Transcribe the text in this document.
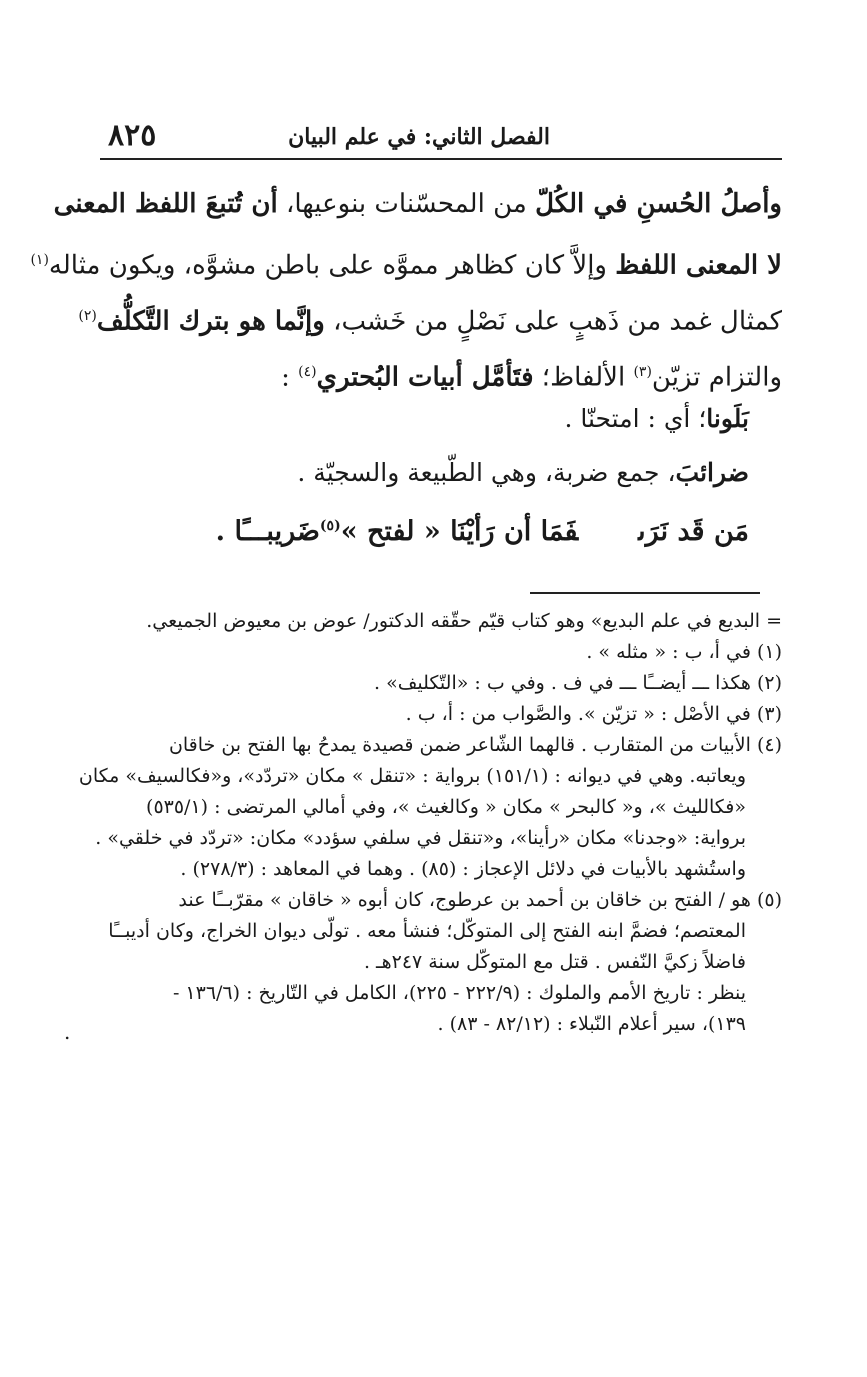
الفصل الثاني: في علم البيان
٨٢٥
وأصلُ الحُسنِ في الكُلّ من المحسّنات بنوعيها، أن تُتبعَ اللفظ المعنى
لا المعنى اللفظ وإلاَّ كان كظاهر مموَّه على باطن مشوَّه، ويكون مثاله$^{(١)}$
كمثال غمد من ذَهبٍ على نَصْلٍ من خَشب، وإنَّما هو بترك التَّكلُّف$^{(٢)}$
والتزام تزيّن$^{(٣)}$ الألفاظ؛ فتَأمَّل أبيات البُحتري$^{(٤)}$ :
بَلَونا؛ أي : امتحنّا .
ضرائبَ، جمع ضربة، وهي الطّبيعة والسجيّة .
مَن قَد نَرَىفَمَا أن رَأيْنَا « لفتح »$^{(٥)}$ضَريبـــًا .
= البديع في علم البديع» وهو كتاب قيّم حقّقه الدكتور/ عوض بن معيوض الجميعي.
(١) في أ، ب : « مثله » .
(٢) هكذا ـــ أيضــًا ـــ في ف . وفي ب : «التّكليف» .
(٣) في الأصْل : « تزيّن ». والصَّواب من : أ، ب .
(٤) الأبيات من المتقارب . قالهما الشّاعر ضمن قصيدة يمدحُ بها الفتح بن خاقان
ويعاتبه. وهي في ديوانه : (١٥١/١) برواية : «تنقل » مكان «تردّد»، و«فكالسيف» مكان
«فكالليث »، و« كالبحر » مكان « وكالغيث »، وفي أمالي المرتضى : (٥٣٥/١)
برواية: «وجدنا» مكان «رأينا»، و«تنقل في سلفي سؤدد» مكان: «تردّد في خلقي» .
واستُشهد بالأبيات في دلائل الإعجاز : (٨٥) . وهما في المعاهد : (٢٧٨/٣) .
(٥) هو / الفتح بن خاقان بن أحمد بن عرطوج، كان أبوه « خاقان » مقرّبــًا عند
المعتصم؛ فضمَّ ابنه الفتح إلى المتوكّل؛ فنشأ معه . تولّى ديوان الخراج، وكان أديبــًا
فاضلاً زكيَّ النّفس . قتل مع المتوكّل سنة ٢٤٧هـ .
ينظر : تاريخ الأمم والملوك : (٢٢٢/٩ - ٢٢٥)، الكامل في التّاريخ : (١٣٦/٦ -
١٣٩)، سير أعلام النّبلاء : (٨٢/١٢ - ٨٣) .
.
